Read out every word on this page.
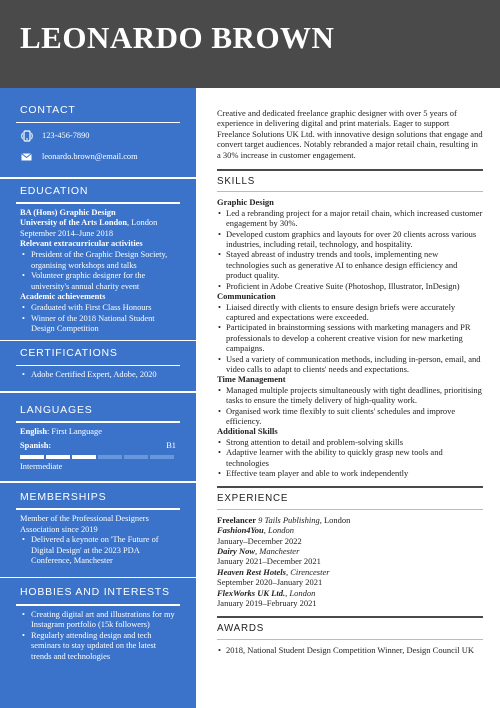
LEONARDO BROWN
CONTACT
123-456-7890
leonardo.brown@email.com
EDUCATION
BA (Hons) Graphic Design
University of the Arts London, London
September 2014–June 2018
Relevant extracurricular activities
• President of the Graphic Design Society, organising workshops and talks
• Volunteer graphic designer for the university's annual charity event
Academic achievements
• Graduated with First Class Honours
• Winner of the 2018 National Student Design Competition
CERTIFICATIONS
• Adobe Certified Expert, Adobe, 2020
LANGUAGES
English: First Language
Spanish:	B1
Intermediate
MEMBERSHIPS
Member of the Professional Designers Association since 2019
• Delivered a keynote on 'The Future of Digital Design' at the 2023 PDA Conference, Manchester
HOBBIES AND INTERESTS
• Creating digital art and illustrations for my Instagram portfolio (15k followers)
• Regularly attending design and tech seminars to stay updated on the latest trends and technologies
Creative and dedicated freelance graphic designer with over 5 years of experience in delivering digital and print materials. Eager to support Freelance Solutions UK Ltd. with innovative design solutions that engage and convert target audiences. Notably rebranded a major retail chain, resulting in a 30% increase in customer engagement.
SKILLS
Graphic Design
• Led a rebranding project for a major retail chain, which increased customer engagement by 30%.
• Developed custom graphics and layouts for over 20 clients across various industries, including retail, technology, and hospitality.
• Stayed abreast of industry trends and tools, implementing new technologies such as generative AI to enhance design efficiency and product quality.
• Proficient in Adobe Creative Suite (Photoshop, Illustrator, InDesign)
Communication
• Liaised directly with clients to ensure design briefs were accurately captured and expectations were exceeded.
• Participated in brainstorming sessions with marketing managers and PR professionals to develop a coherent creative vision for new marketing campaigns.
• Used a variety of communication methods, including in-person, email, and video calls to adapt to clients' needs and expectations.
Time Management
• Managed multiple projects simultaneously with tight deadlines, prioritising tasks to ensure the timely delivery of high-quality work.
• Organised work time flexibly to suit clients' schedules and improve efficiency.
Additional Skills
• Strong attention to detail and problem-solving skills
• Adaptive learner with the ability to quickly grasp new tools and technologies
• Effective team player and able to work independently
EXPERIENCE
Freelancer 9 Tails Publishing, London
Fashion4You, London
January–December 2022
Dairy Now, Manchester
January 2021–December 2021
Heaven Rest Hotels, Cirencester
September 2020–January 2021
FlexWorks UK Ltd., London
January 2019–February 2021
AWARDS
• 2018, National Student Design Competition Winner, Design Council UK
